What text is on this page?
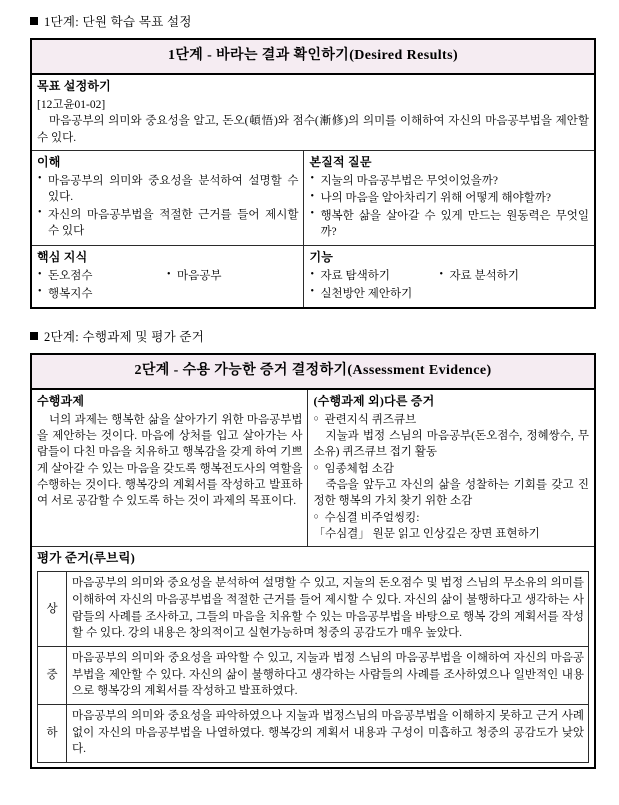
1단계: 단원 학습 목표 설정
1단계 - 바라는 결과 확인하기(Desired Results)	

목표 설정하기
[12고윤01-02]
마음공부의 의미와 중요성을 알고, 돈오(頓悟)와 점수(漸修)의 의미를 이해하여 자신의 마음공부법을 제안할 수 있다.	

이해
• 마음공부의 의미와 중요성을 분석하여 설명할 수 있다.
• 자신의 마음공부법을 적절한 근거를 들어 제시할 수 있다

본질적 질문
• 지눌의 마음공부법은 무엇이었을까?
• 나의 마음을 알아차리기 위해 어떻게 해야할까?
• 행복한 삶을 살아갈 수 있게 만드는 원동력은 무엇일까?

핵심 지식
• 돈오점수	• 마음공부
• 행복지수

기능
• 자료 탐색하기	• 자료 분석하기
• 실천방안 제안하기
2단계: 수행과제 및 평가 준거
2단계 - 수용 가능한 증거 결정하기(Assessment Evidence)

수행과제
너의 과제는 행복한 삶을 살아가기 위한 마음공부법을 제안하는 것이다. 마음에 상처를 입고 살아가는 사람들이 다친 마음을 치유하고 행복감을 갖게 하여 기쁘게 살아갈 수 있는 마음을 갖도록 행복전도사의 역할을 수행하는 것이다. 행복강의 계획서를 작성하고 발표하여 서로 공감할 수 있도록 하는 것이 과제의 목표이다.

(수행과제 외)다른 증거
○ 관련지식 퀴즈큐브
지눌과 법정 스님의 마음공부(돈오점수, 정혜쌍수, 무소유) 퀴즈큐브 접기 활동
○ 임종체험 소감
죽음을 앞두고 자신의 삶을 성찰하는 기회를 갖고 진정한 행복의 가치 찾기 위한 소감
○ 수심결 비주얼씽킹:
「수심결」 원문 읽고 인상깊은 장면 표현하기

평가 준거(루브릭)
상	마음공부의 의미와 중요성을 분석하여 설명할 수 있고, 지눌의 돈오점수 및 법정 스님의 무소유의 의미를 이해하여 자신의 마음공부법을 적절한 근거를 들어 제시할 수 있다. 자신의 삶이 불행하다고 생각하는 사람들의 사례를 조사하고, 그들의 마음을 치유할 수 있는 마음공부법을 바탕으로 행복 강의 계획서를 작성할 수 있다. 강의 내용은 창의적이고 실현가능하며 청중의 공감도가 매우 높았다.
중	마음공부의 의미와 중요성을 파악할 수 있고, 지눌과 법정 스님의 마음공부법을 이해하여 자신의 마음공부법을 제안할 수 있다. 자신의 삶이 불행하다고 생각하는 사람들의 사례를 조사하였으나 일반적인 내용으로 행복강의 계획서를 작성하고 발표하였다.
하	마음공부의 의미와 중요성을 파악하였으나 지눌과 법정스님의 마음공부법을 이해하지 못하고 근거 사례없이 자신의 마음공부법을 나열하였다. 행복강의 계획서 내용과 구성이 미흡하고 청중의 공감도가 낮았다.
